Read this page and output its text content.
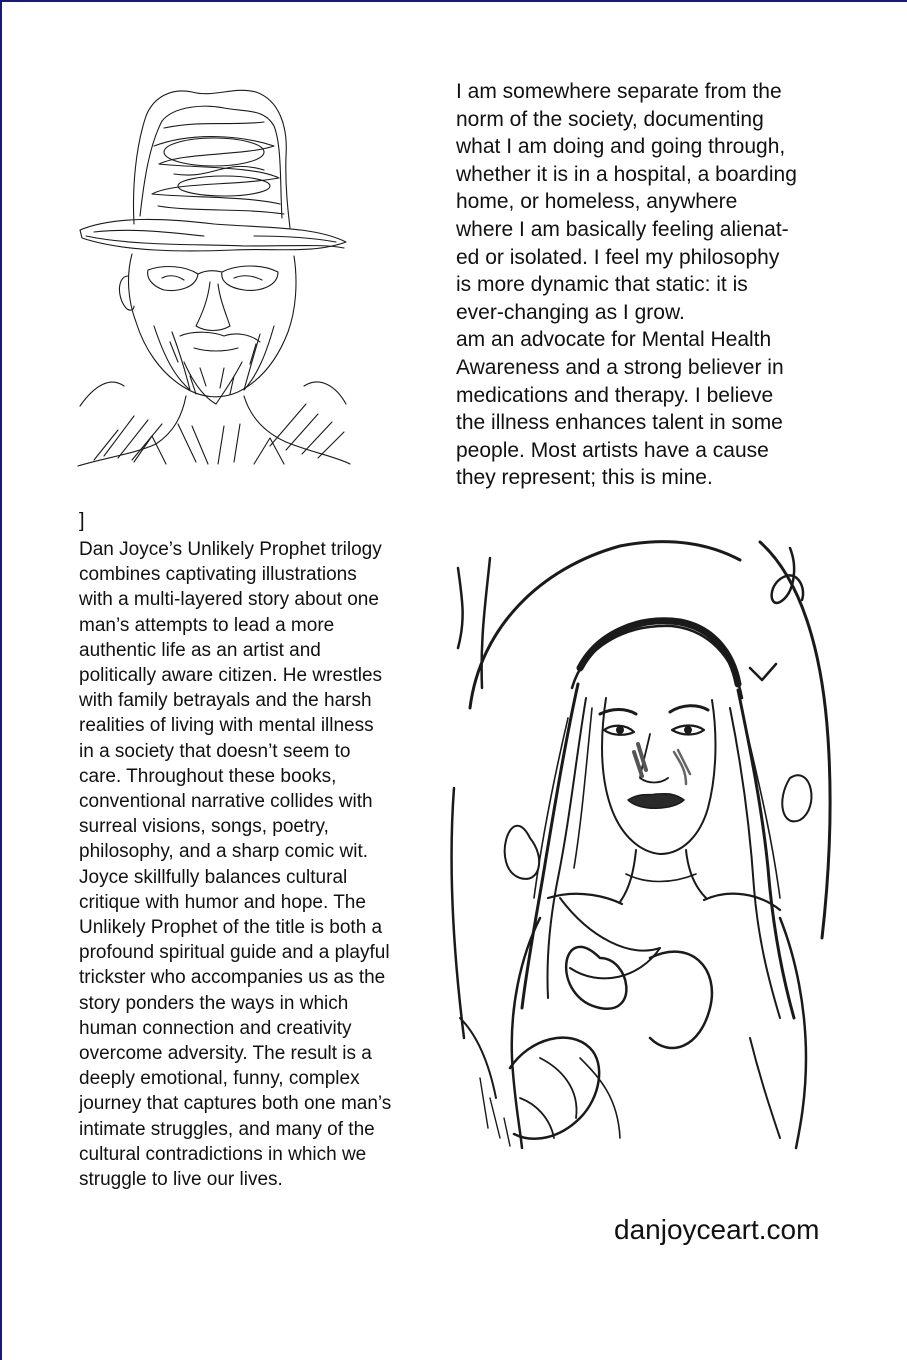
I am somewhere separate from the
norm of the society, documenting
what I am doing and going through,
whether it is in a hospital, a boarding
home, or homeless, anywhere
where I am basically feeling alienat-
ed or isolated. I feel my philosophy
is more dynamic that static: it is
ever-changing as I grow.
am an advocate for Mental Health
Awareness and a strong believer in
medications and therapy. I believe
the illness enhances talent in some
people. Most artists have a cause
they represent; this is mine.

]

Dan Joyce’s Unlikely Prophet trilogy
combines captivating illustrations
with a multi-layered story about one
man’s attempts to lead a more
authentic life as an artist and
politically aware citizen. He wrestles
with family betrayals and the harsh
realities of living with mental illness
in a society that doesn’t seem to
care. Throughout these books,
conventional narrative collides with
surreal visions, songs, poetry,
philosophy, and a sharp comic wit.
Joyce skillfully balances cultural
critique with humor and hope. The
Unlikely Prophet of the title is both a
profound spiritual guide and a playful
trickster who accompanies us as the
story ponders the ways in which
human connection and creativity
overcome adversity. The result is a
deeply emotional, funny, complex
journey that captures both one man’s
intimate struggles, and many of the
cultural contradictions in which we
struggle to live our lives.

danjoyceart.com
